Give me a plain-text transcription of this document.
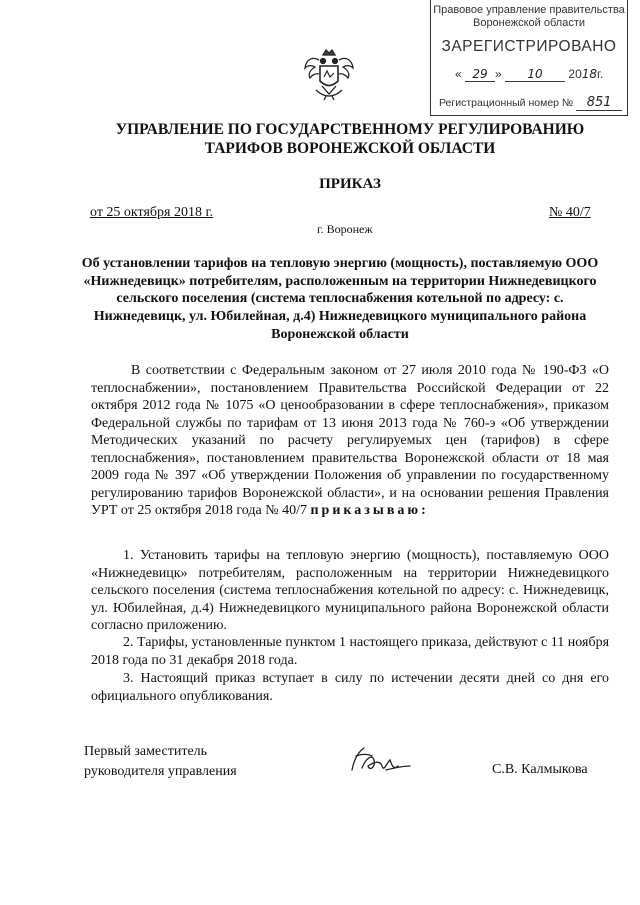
Правовое управление правительства
Воронежской области
ЗАРЕГИСТРИРОВАНО
« 29 » 10 2018г.
Регистрационный номер № 851
УПРАВЛЕНИЕ ПО ГОСУДАРСТВЕННОМУ РЕГУЛИРОВАНИЮ
ТАРИФОВ ВОРОНЕЖСКОЙ ОБЛАСТИ
ПРИКАЗ
от 25 октября 2018 г.	№ 40/7
г. Воронеж
Об установлении тарифов на тепловую энергию (мощность), поставляемую ООО «Нижнедевицк» потребителям, расположенным на территории Нижнедевицкого сельского поселения (система теплоснабжения котельной по адресу: с. Нижнедевицк, ул. Юбилейная, д.4) Нижнедевицкого муниципального района Воронежской области
В соответствии с Федеральным законом от 27 июля 2010 года № 190-ФЗ «О теплоснабжении», постановлением Правительства Российской Федерации от 22 октября 2012 года № 1075 «О ценообразовании в сфере теплоснабжения», приказом Федеральной службы по тарифам от 13 июня 2013 года № 760-э «Об утверждении Методических указаний по расчету регулируемых цен (тарифов) в сфере теплоснабжения», постановлением правительства Воронежской области от 18 мая 2009 года № 397 «Об утверждении Положения об управлении по государственному регулированию тарифов Воронежской области», и на основании решения Правления УРТ от 25 октября 2018 года № 40/7 приказываю:
1. Установить тарифы на тепловую энергию (мощность), поставляемую ООО «Нижнедевицк» потребителям, расположенным на территории Нижнедевицкого сельского поселения (система теплоснабжения котельной по адресу: с. Нижнедевицк, ул. Юбилейная, д.4) Нижнедевицкого муниципального района Воронежской области согласно приложению.
2. Тарифы, установленные пунктом 1 настоящего приказа, действуют с 11 ноября 2018 года по 31 декабря 2018 года.
3. Настоящий приказ вступает в силу по истечении десяти дней со дня его официального опубликования.
Первый заместитель
руководителя управления	С.В. Калмыкова
